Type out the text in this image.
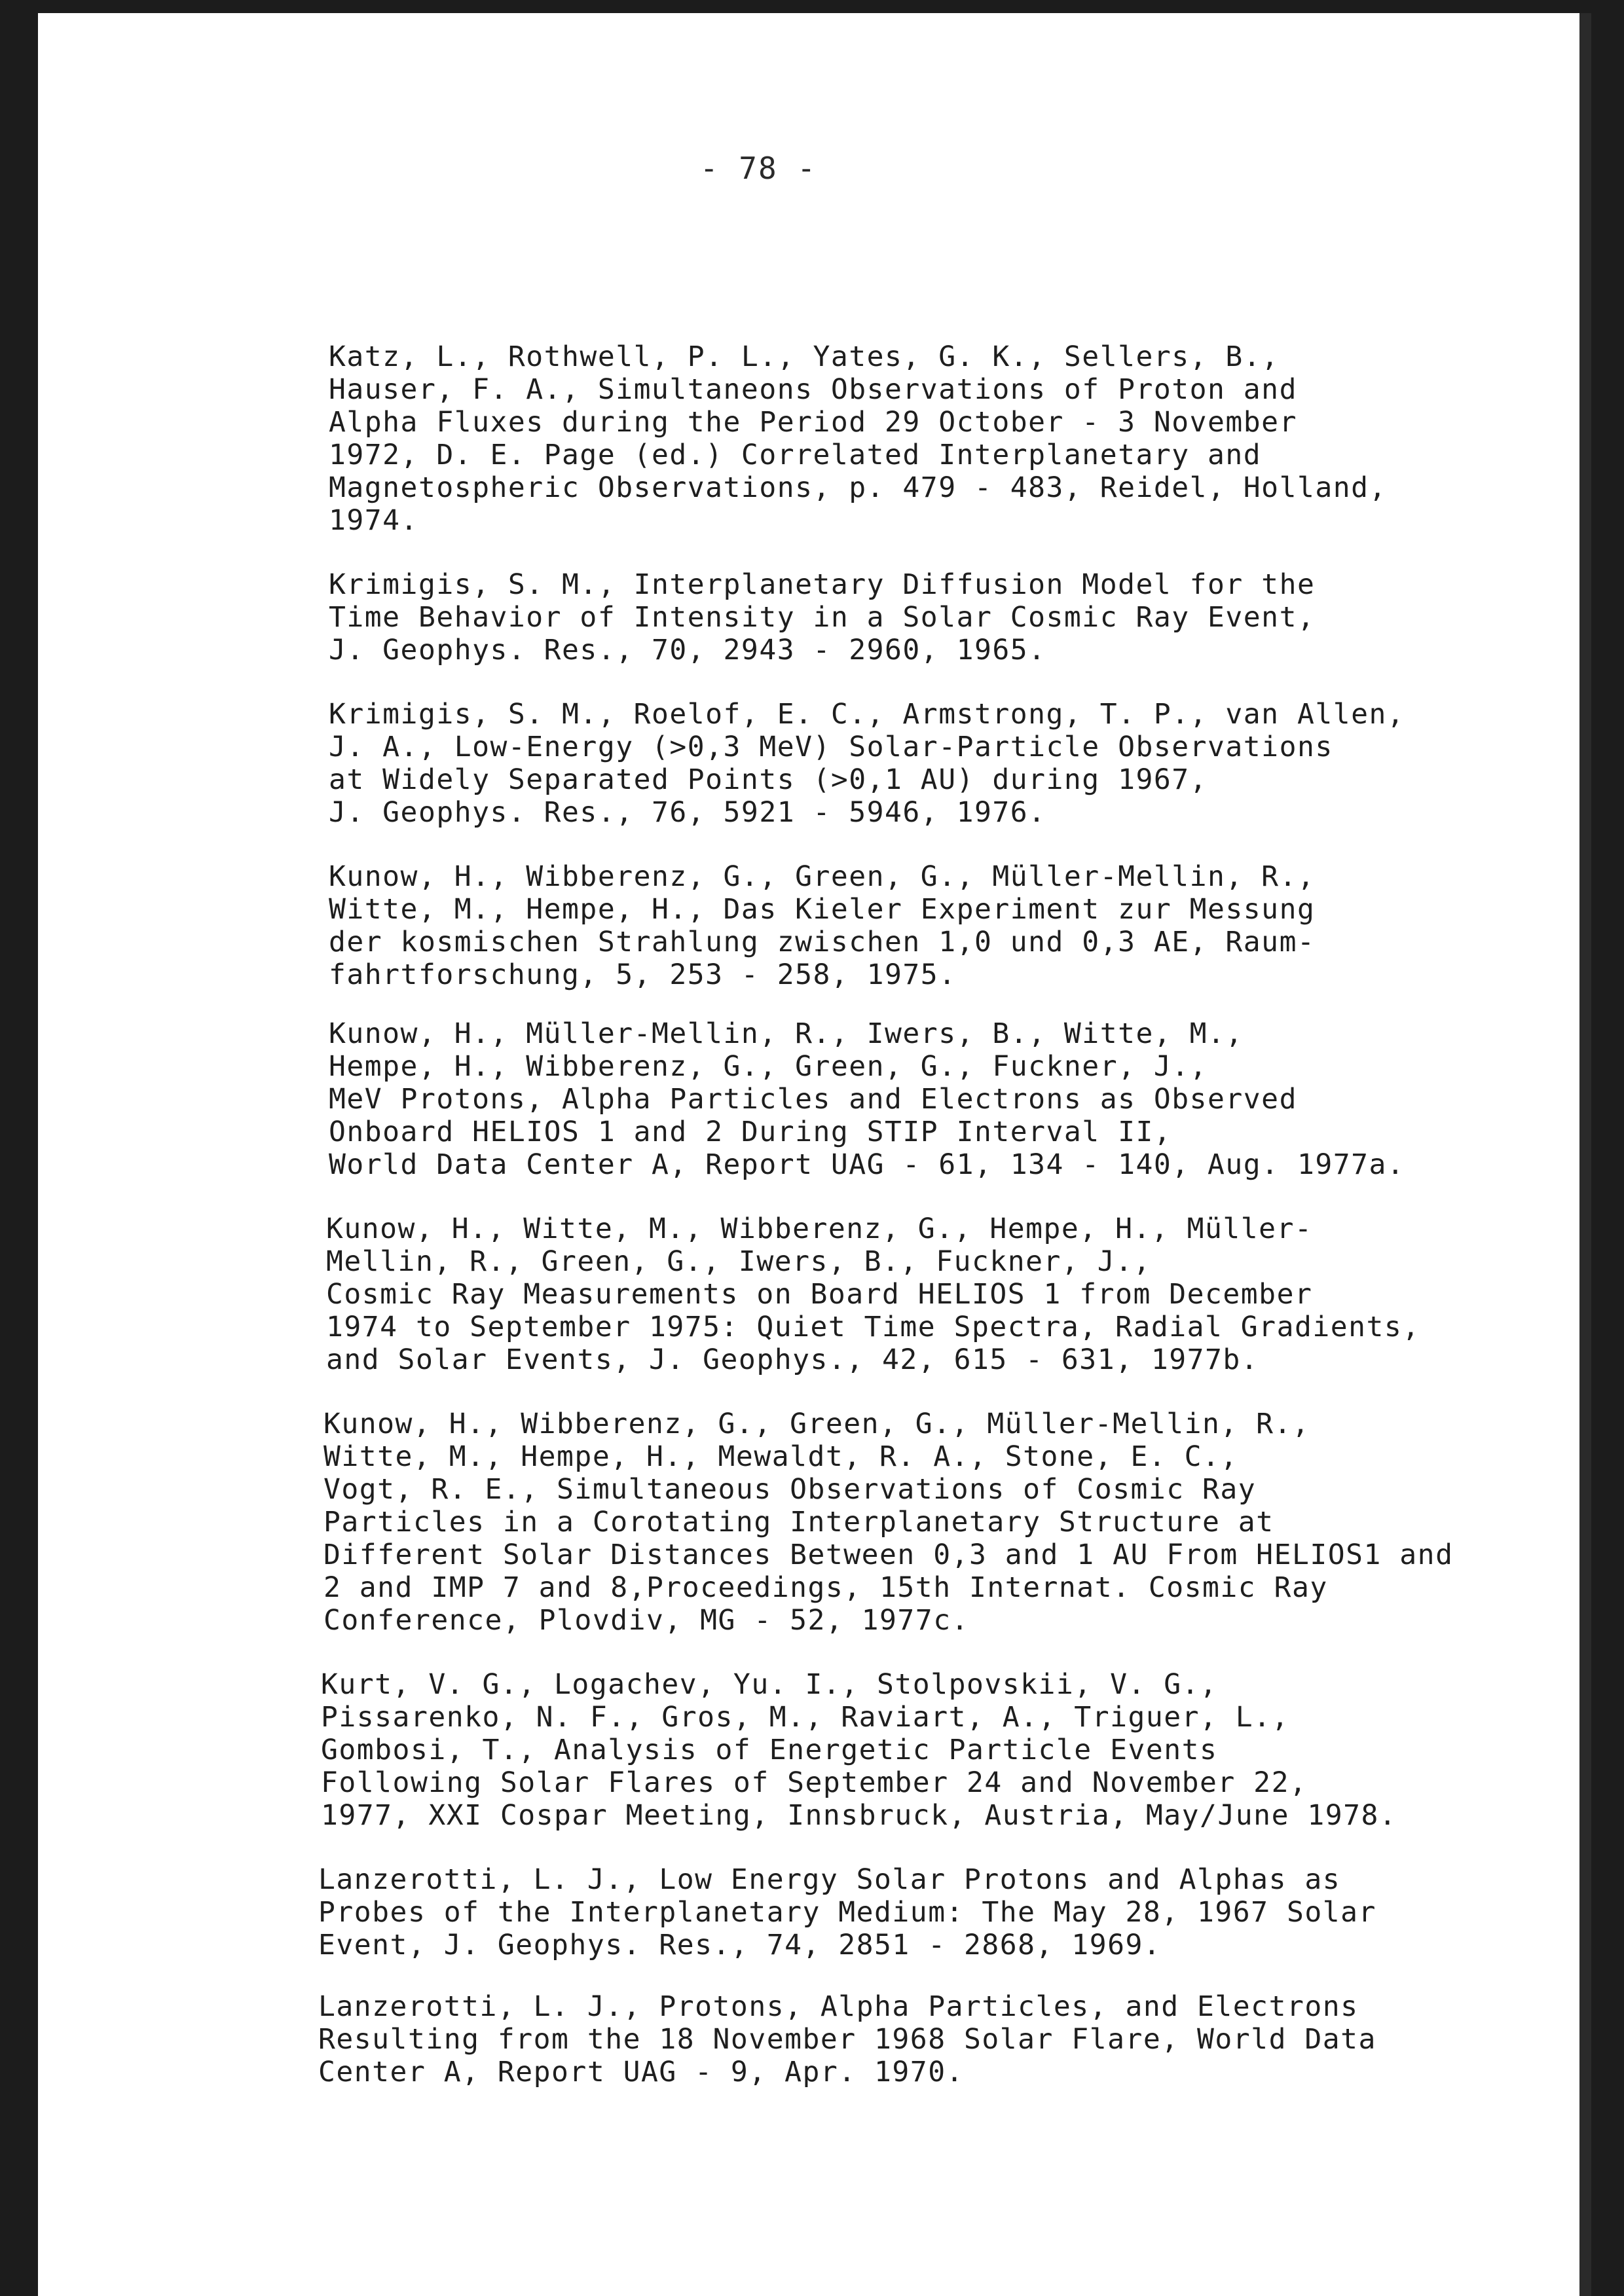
- 78 -

Katz, L., Rothwell, P. L., Yates, G. K., Sellers, B.,
Hauser, F. A., Simultaneons Observations of Proton and
Alpha Fluxes during the Period 29 October - 3 November
1972, D. E. Page (ed.) Correlated Interplanetary and
Magnetospheric Observations, p. 479 - 483, Reidel, Holland,
1974.

Krimigis, S. M., Interplanetary Diffusion Model for the
Time Behavior of Intensity in a Solar Cosmic Ray Event,
J. Geophys. Res., 70, 2943 - 2960, 1965.

Krimigis, S. M., Roelof, E. C., Armstrong, T. P., van Allen,
J. A., Low-Energy (>0,3 MeV) Solar-Particle Observations
at Widely Separated Points (>0,1 AU) during 1967,
J. Geophys. Res., 76, 5921 - 5946, 1976.

Kunow, H., Wibberenz, G., Green, G., Müller-Mellin, R.,
Witte, M., Hempe, H., Das Kieler Experiment zur Messung
der kosmischen Strahlung zwischen 1,0 und 0,3 AE, Raum-
fahrtforschung, 5, 253 - 258, 1975.

Kunow, H., Müller-Mellin, R., Iwers, B., Witte, M.,
Hempe, H., Wibberenz, G., Green, G., Fuckner, J.,
MeV Protons, Alpha Particles and Electrons as Observed
Onboard HELIOS 1 and 2 During STIP Interval II,
World Data Center A, Report UAG - 61, 134 - 140, Aug. 1977a.

Kunow, H., Witte, M., Wibberenz, G., Hempe, H., Müller-
Mellin, R., Green, G., Iwers, B., Fuckner, J.,
Cosmic Ray Measurements on Board HELIOS 1 from December
1974 to September 1975: Quiet Time Spectra, Radial Gradients,
and Solar Events, J. Geophys., 42, 615 - 631, 1977b.

Kunow, H., Wibberenz, G., Green, G., Müller-Mellin, R.,
Witte, M., Hempe, H., Mewaldt, R. A., Stone, E. C.,
Vogt, R. E., Simultaneous Observations of Cosmic Ray
Particles in a Corotating Interplanetary Structure at
Different Solar Distances Between 0,3 and 1 AU From HELIOS1 and
2 and IMP 7 and 8,Proceedings, 15th Internat. Cosmic Ray
Conference, Plovdiv, MG - 52, 1977c.

Kurt, V. G., Logachev, Yu. I., Stolpovskii, V. G.,
Pissarenko, N. F., Gros, M., Raviart, A., Triguer, L.,
Gombosi, T., Analysis of Energetic Particle Events
Following Solar Flares of September 24 and November 22,
1977, XXI Cospar Meeting, Innsbruck, Austria, May/June 1978.

Lanzerotti, L. J., Low Energy Solar Protons and Alphas as
Probes of the Interplanetary Medium: The May 28, 1967 Solar
Event, J. Geophys. Res., 74, 2851 - 2868, 1969.

Lanzerotti, L. J., Protons, Alpha Particles, and Electrons
Resulting from the 18 November 1968 Solar Flare, World Data
Center A, Report UAG - 9, Apr. 1970.
